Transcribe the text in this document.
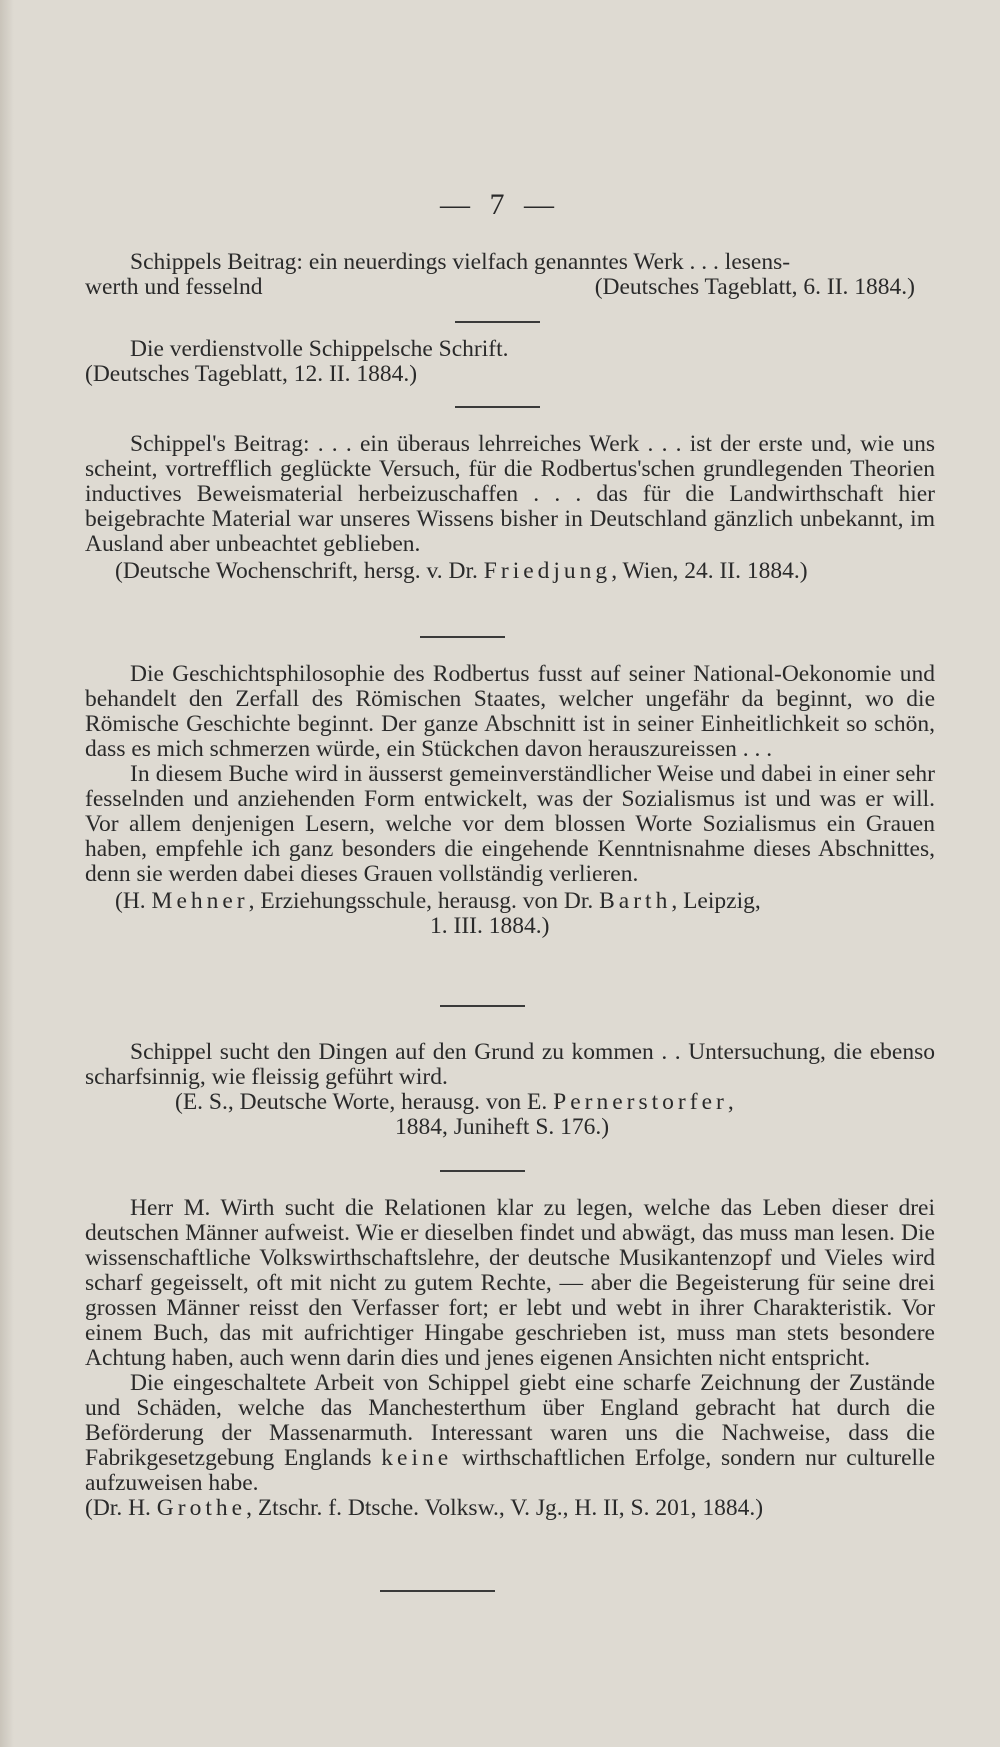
— 7 —

Schippels Beitrag: ein neuerdings vielfach genanntes Werk . . . lesens-

werth und fesselnd	(Deutsches Tageblatt, 6. II. 1884.)

Die verdienstvolle Schippelsche Schrift.

(Deutsches Tageblatt, 12. II. 1884.)

Schippel's Beitrag: . . . ein überaus lehrreiches Werk . . . ist der erste und, wie uns scheint, vortrefflich geglückte Versuch, für die Rodbertus'schen grundlegenden Theorien inductives Beweismaterial herbeizuschaffen . . . das für die Landwirthschaft hier beigebrachte Material war unseres Wissens bisher in Deutschland gänzlich unbekannt, im Ausland aber unbeachtet geblieben.

(Deutsche Wochenschrift, hersg. v. Dr. Friedjung, Wien, 24. II. 1884.)

Die Geschichtsphilosophie des Rodbertus fusst auf seiner National-Oekonomie und behandelt den Zerfall des Römischen Staates, welcher ungefähr da beginnt, wo die Römische Geschichte beginnt. Der ganze Abschnitt ist in seiner Einheitlichkeit so schön, dass es mich schmerzen würde, ein Stückchen davon herauszureissen . . .

In diesem Buche wird in äusserst gemeinverständlicher Weise und dabei in einer sehr fesselnden und anziehenden Form entwickelt, was der Sozialismus ist und was er will. Vor allem denjenigen Lesern, welche vor dem blossen Worte Sozialismus ein Grauen haben, empfehle ich ganz besonders die eingehende Kenntnisnahme dieses Abschnittes, denn sie werden dabei dieses Grauen vollständig verlieren.

(H. Mehner, Erziehungsschule, herausg. von Dr. Barth, Leipzig,

1. III. 1884.)

Schippel sucht den Dingen auf den Grund zu kommen . . Untersuchung, die ebenso scharfsinnig, wie fleissig geführt wird.

(E. S., Deutsche Worte, herausg. von E. Pernerstorfer,

1884, Juniheft S. 176.)

Herr M. Wirth sucht die Relationen klar zu legen, welche das Leben dieser drei deutschen Männer aufweist. Wie er dieselben findet und abwägt, das muss man lesen. Die wissenschaftliche Volkswirthschaftslehre, der deutsche Musikantenzopf und Vieles wird scharf gegeisselt, oft mit nicht zu gutem Rechte, — aber die Begeisterung für seine drei grossen Männer reisst den Verfasser fort; er lebt und webt in ihrer Charakteristik. Vor einem Buch, das mit aufrichtiger Hingabe geschrieben ist, muss man stets besondere Achtung haben, auch wenn darin dies und jenes eigenen Ansichten nicht entspricht.

Die eingeschaltete Arbeit von Schippel giebt eine scharfe Zeichnung der Zustände und Schäden, welche das Manchesterthum über England gebracht hat durch die Beförderung der Massenarmuth. Interessant waren uns die Nachweise, dass die Fabrikgesetzgebung Englands keine wirthschaftlichen Erfolge, sondern nur culturelle aufzuweisen habe.

(Dr. H. Grothe, Ztschr. f. Dtsche. Volksw., V. Jg., H. II, S. 201, 1884.)
